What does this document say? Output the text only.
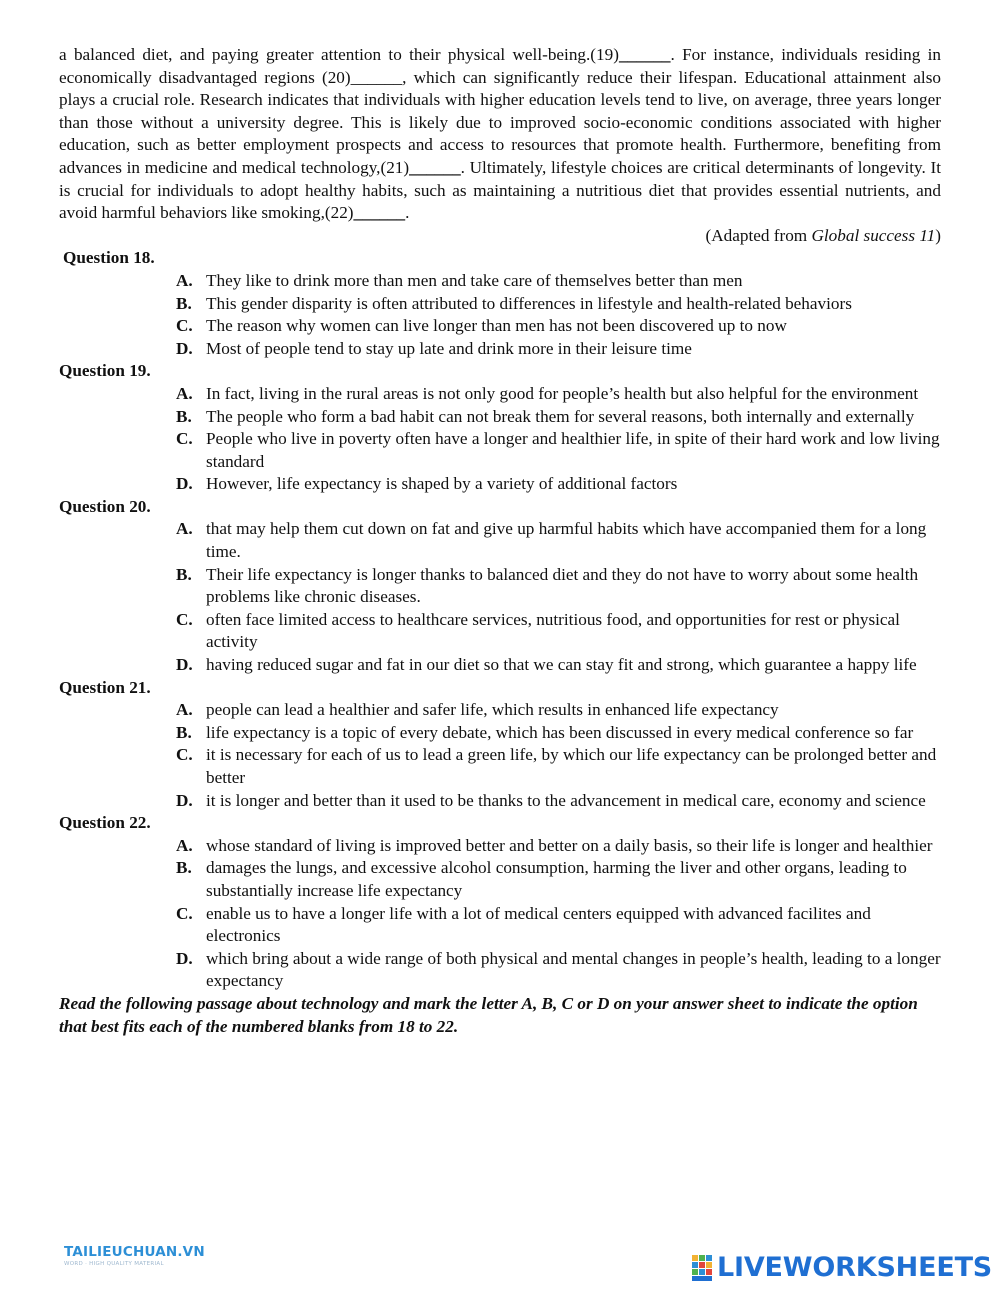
a balanced diet, and paying greater attention to their physical well-being.(19)______. For instance, individuals residing in economically disadvantaged regions (20)______, which can significantly reduce their lifespan. Educational attainment also plays a crucial role. Research indicates that individuals with higher education levels tend to live, on average, three years longer than those without a university degree. This is likely due to improved socio-economic conditions associated with higher education, such as better employment prospects and access to resources that promote health. Furthermore, benefiting from advances in medicine and medical technology,(21)______. Ultimately, lifestyle choices are critical determinants of longevity. It is crucial for individuals to adopt healthy habits, such as maintaining a nutritious diet that provides essential nutrients, and avoid harmful behaviors like smoking,(22)______.
(Adapted from Global success 11)
Question 18.
A. They like to drink more than men and take care of themselves better than men
B. This gender disparity is often attributed to differences in lifestyle and health-related behaviors
C. The reason why women can live longer than men has not been discovered up to now
D. Most of people tend to stay up late and drink more in their leisure time
Question 19.
A. In fact, living in the rural areas is not only good for people’s health but also helpful for the environment
B. The people who form a bad habit can not break them for several reasons, both internally and externally
C. People who live in poverty often have a longer and healthier life, in spite of their hard work and low living standard
D. However, life expectancy is shaped by a variety of additional factors
Question 20.
A. that may help them cut down on fat and give up harmful habits which have accompanied them for a long time.
B. Their life expectancy is longer thanks to balanced diet and they do not have to worry about some health problems like chronic diseases.
C. often face limited access to healthcare services, nutritious food, and opportunities for rest or physical activity
D. having reduced sugar and fat in our diet so that we can stay fit and strong, which guarantee a happy life
Question 21.
A. people can lead a healthier and safer life, which results in enhanced life expectancy
B. life expectancy is a topic of every debate, which has been discussed in every medical conference so far
C. it is necessary for each of us to lead a green life, by which our life expectancy can be prolonged better and better
D. it is longer and better than it used to be thanks to the advancement in medical care, economy and science
Question 22.
A. whose standard of living is improved better and better on a daily basis, so their life is longer and healthier
B. damages the lungs, and excessive alcohol consumption, harming the liver and other organs, leading to substantially increase life expectancy
C. enable us to have a longer life with a lot of medical centers equipped with advanced facilites and electronics
D. which bring about a wide range of both physical and mental changes in people’s health, leading to a longer expectancy
Read the following passage about technology and mark the letter A, B, C or D on your answer sheet to indicate the option that best fits each of the numbered blanks from 18 to 22.
TAILIEUCHUAN.VN
WORD · HIGH QUALITY MATERIAL	LIVEWORKSHEETS
